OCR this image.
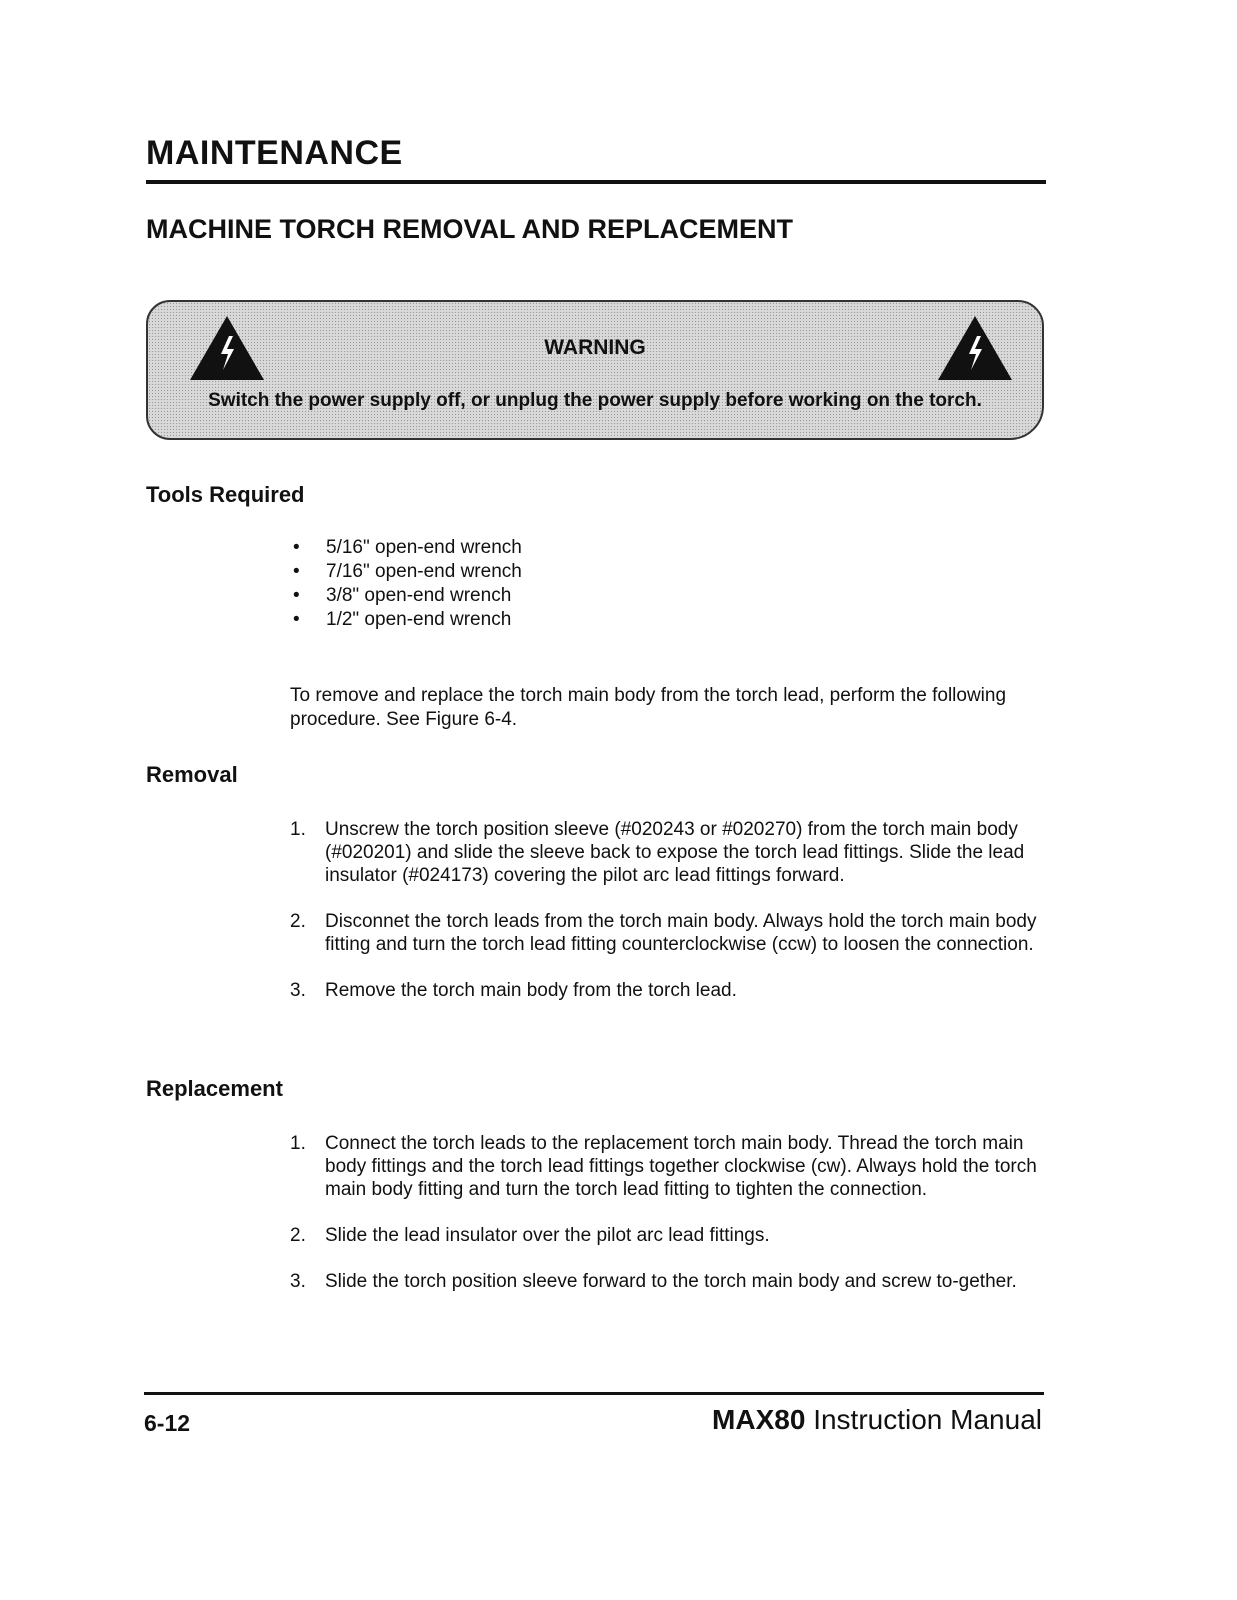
MAINTENANCE
MACHINE TORCH REMOVAL AND REPLACEMENT
WARNING
Switch the power supply off, or unplug the power supply before working on the torch.
Tools Required
• 5/16" open-end wrench
• 7/16" open-end wrench
• 3/8" open-end wrench
• 1/2" open-end wrench

To remove and replace the torch main body from the torch lead, perform the following procedure. See Figure 6-4.

Removal
1. Unscrew the torch position sleeve (#020243 or #020270) from the torch main body (#020201) and slide the sleeve back to expose the torch lead fittings. Slide the lead insulator (#024173) covering the pilot arc lead fittings forward.
2. Disconnet the torch leads from the torch main body. Always hold the torch main body fitting and turn the torch lead fitting counterclockwise (ccw) to loosen the connection.
3. Remove the torch main body from the torch lead.
Replacement
1. Connect the torch leads to the replacement torch main body. Thread the torch main body fittings and the torch lead fittings together clockwise (cw). Always hold the torch main body fitting and turn the torch lead fitting to tighten the connection.
2. Slide the lead insulator over the pilot arc lead fittings.
3. Slide the torch position sleeve forward to the torch main body and screw to-gether.
6-12	MAX80 Instruction Manual
